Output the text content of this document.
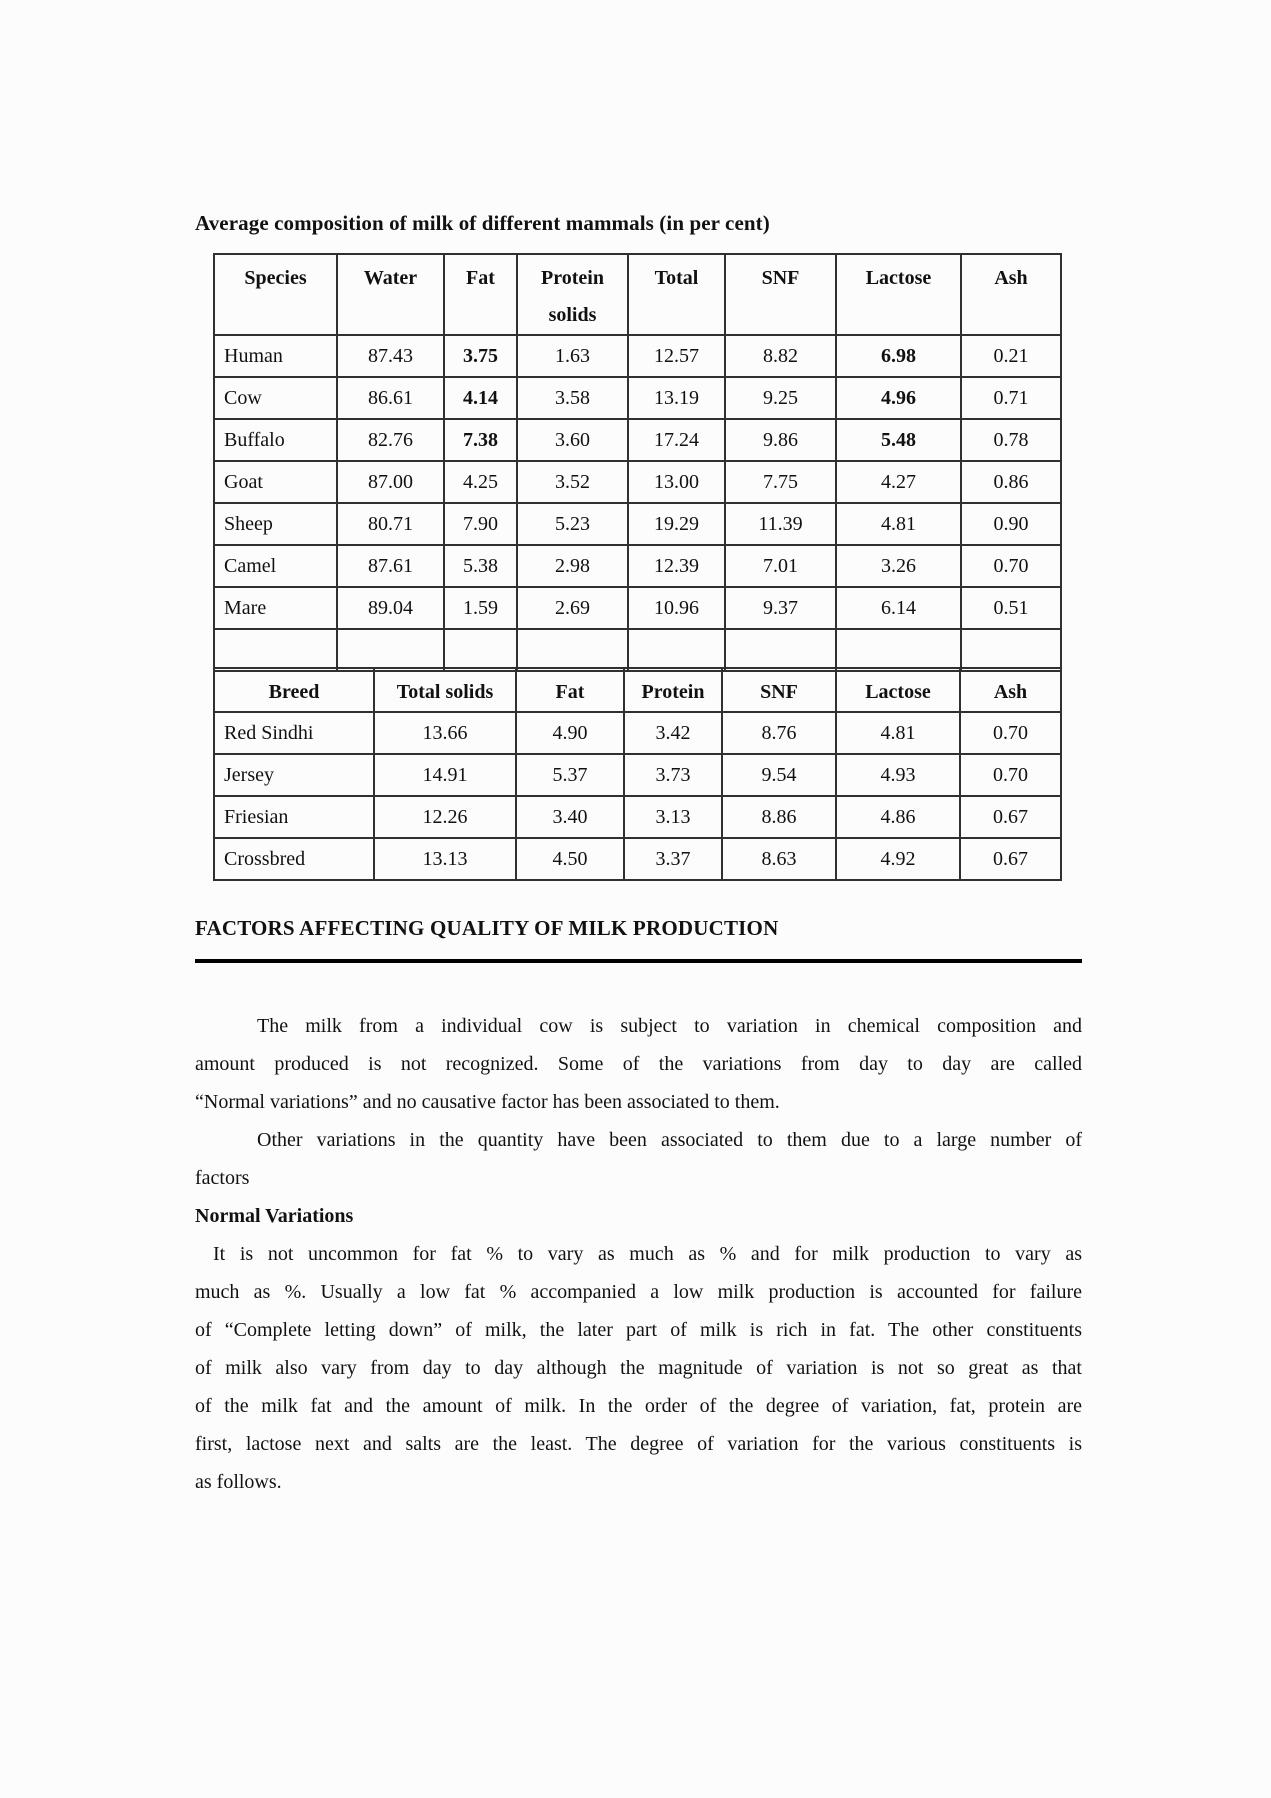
Average composition of milk of different mammals (in per cent)
Species	Water	Fat	Protein solids	Total	SNF	Lactose	Ash
Human	87.43	3.75	1.63	12.57	8.82	6.98	0.21
Cow	86.61	4.14	3.58	13.19	9.25	4.96	0.71
Buffalo	82.76	7.38	3.60	17.24	9.86	5.48	0.78
Goat	87.00	4.25	3.52	13.00	7.75	4.27	0.86
Sheep	80.71	7.90	5.23	19.29	11.39	4.81	0.90
Camel	87.61	5.38	2.98	12.39	7.01	3.26	0.70
Mare	89.04	1.59	2.69	10.96	9.37	6.14	0.51

Breed	Total solids	Fat	Protein	SNF	Lactose	Ash
Red Sindhi	13.66	4.90	3.42	8.76	4.81	0.70
Jersey	14.91	5.37	3.73	9.54	4.93	0.70
Friesian	12.26	3.40	3.13	8.86	4.86	0.67
Crossbred	13.13	4.50	3.37	8.63	4.92	0.67
FACTORS AFFECTING QUALITY OF MILK PRODUCTION
The milk from a individual cow is subject to variation in chemical composition and
amount produced is not recognized. Some of the variations from day to day are called
“Normal variations” and no causative factor has been associated to them.
Other variations in the quantity have been associated to them due to a large number of
factors
Normal Variations
It is not uncommon for fat % to vary as much as % and for milk production to vary as
much as %. Usually a low fat % accompanied a low milk production is accounted for failure
of “Complete letting down” of milk, the later part of milk is rich in fat. The other constituents
of milk also vary from day to day although the magnitude of variation is not so great as that
of the milk fat and the amount of milk. In the order of the degree of variation, fat, protein are
first, lactose next and salts are the least. The degree of variation for the various constituents is
as follows.
